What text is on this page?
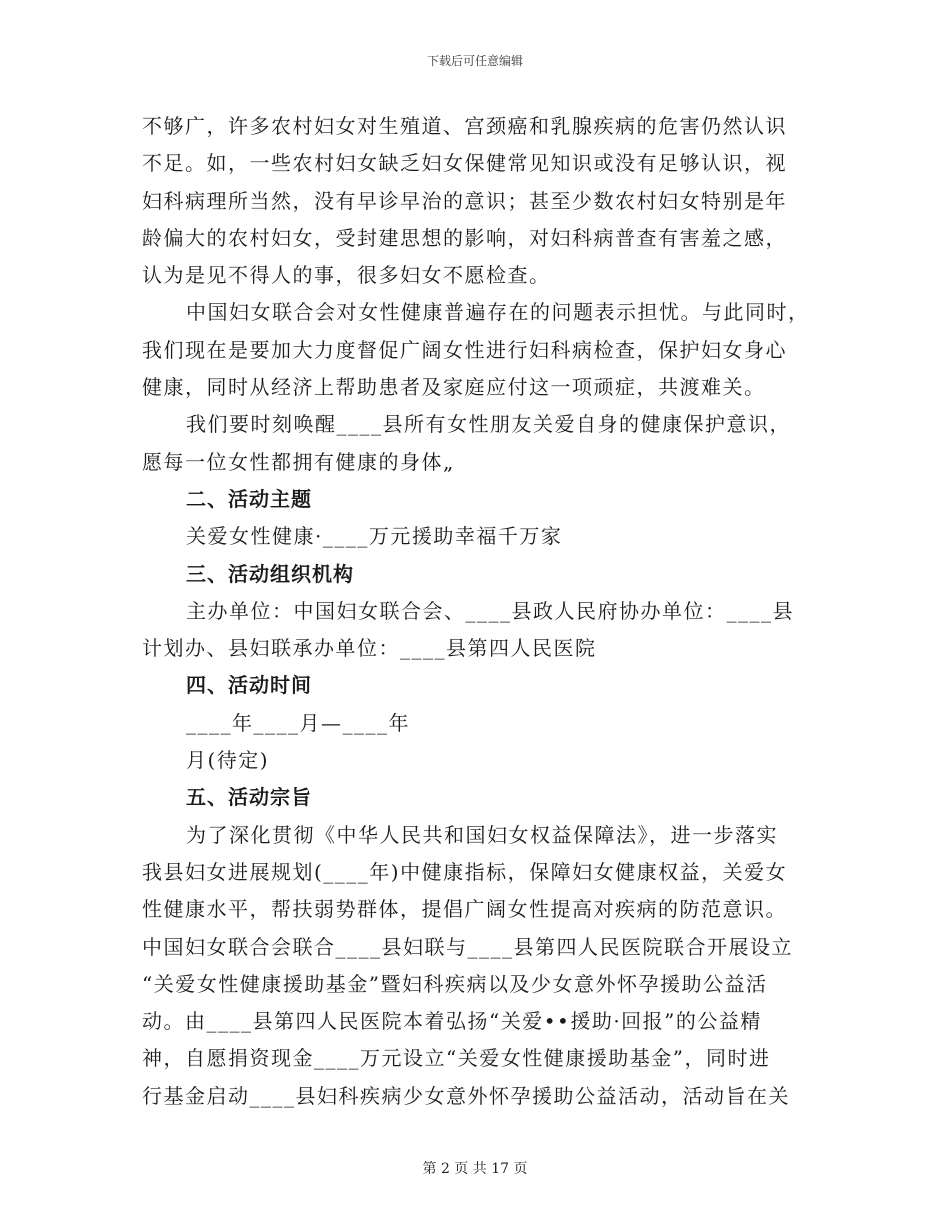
下载后可任意编辑
不够广，许多农村妇女对生殖道、宫颈癌和乳腺疾病的危害仍然认识
不足。如，一些农村妇女缺乏妇女保健常见知识或没有足够认识，视
妇科病理所当然，没有早诊早治的意识；甚至少数农村妇女特别是年
龄偏大的农村妇女，受封建思想的影响，对妇科病普查有害羞之感，
认为是见不得人的事，很多妇女不愿检查。
中国妇女联合会对女性健康普遍存在的问题表示担忧。与此同时，
我们现在是要加大力度督促广阔女性进行妇科病检查，保护妇女身心
健康，同时从经济上帮助患者及家庭应付这一项顽症，共渡难关。
我们要时刻唤醒____县所有女性朋友关爱自身的健康保护意识，
愿每一位女性都拥有健康的身体„
二、活动主题
关爱女性健康·____万元援助幸福千万家
三、活动组织机构
主办单位：中国妇女联合会、____县政人民府协办单位：____县
计划办、县妇联承办单位：____县第四人民医院
四、活动时间
____年____月—____年
月(待定)
五、活动宗旨
为了深化贯彻《中华人民共和国妇女权益保障法》，进一步落实
我县妇女进展规划(____年)中健康指标，保障妇女健康权益，关爱女
性健康水平，帮扶弱势群体，提倡广阔女性提高对疾病的防范意识。
中国妇女联合会联合____县妇联与____县第四人民医院联合开展设立
“关爱女性健康援助基金”暨妇科疾病以及少女意外怀孕援助公益活
动。由____县第四人民医院本着弘扬“关爱••援助·回报”的公益精
神，自愿捐资现金____万元设立“关爱女性健康援助基金”，同时进
行基金启动____县妇科疾病少女意外怀孕援助公益活动，活动旨在关
第 2 页 共 17 页
